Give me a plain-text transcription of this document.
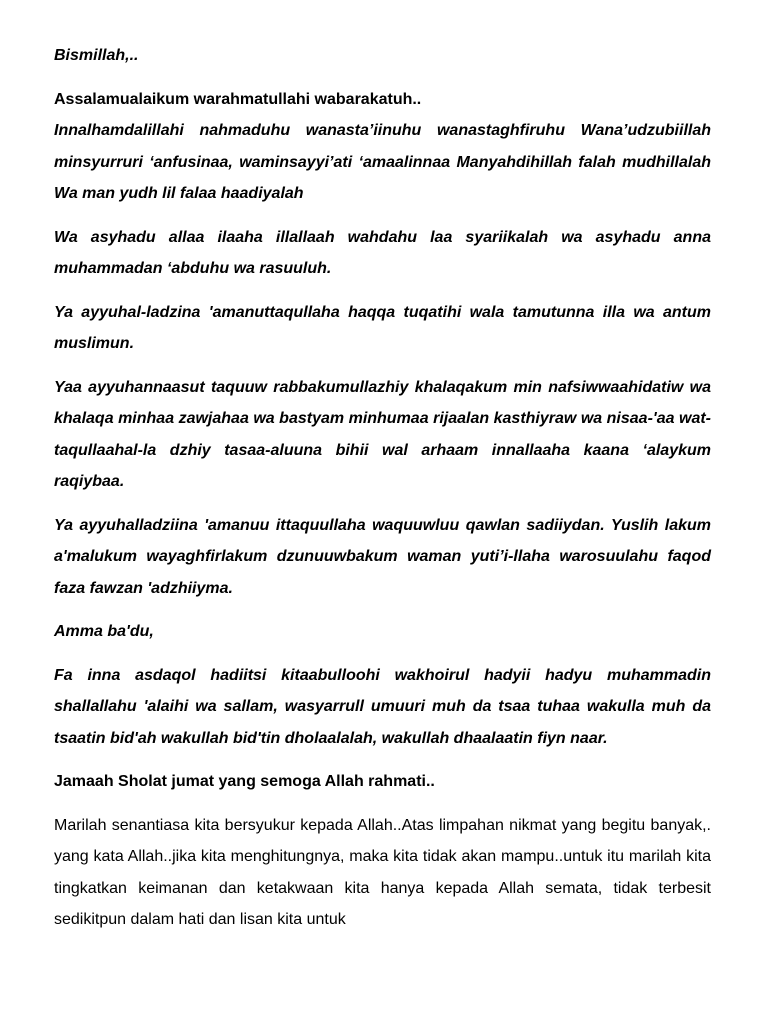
Bismillah,..

Assalamualaikum warahmatullahi wabarakatuh..

Innalhamdalillahi nahmaduhu wanasta’iinuhu wanastaghfiruhu Wana’udzubiillah minsyurruri ‘anfusinaa, waminsayyi’ati ‘amaalinnaa Manyahdihillah falah mudhillalah Wa man yudh lil falaa haadiyalah

Wa asyhadu allaa ilaaha illallaah wahdahu laa syariikalah wa asyhadu anna muhammadan ‘abduhu wa rasuuluh.

Ya ayyuhal-ladzina 'amanuttaqullaha haqqa tuqatihi wala tamutunna illa wa antum muslimun.

Yaa ayyuhannaasut taquuw rabbakumullazhiy khalaqakum min nafsiwwaahidatiw wa khalaqa minhaa zawjahaa wa bastyam minhumaa rijaalan kasthiyraw wa nisaa-'aa wat-taqullaahal-la dzhiy tasaa-aluuna bihii wal arhaam innallaaha kaana ‘alaykum raqiybaa.

Ya ayyuhalladziina 'amanuu ittaquullaha waquuwluu qawlan sadiiydan. Yuslih lakum a'malukum wayaghfirlakum dzunuuwbakum waman yuti’i-llaha warosuulahu faqod faza fawzan 'adzhiiyma.

Amma ba'du,

Fa inna asdaqol hadiitsi kitaabulloohi wakhoirul hadyii hadyu muhammadin shallallahu 'alaihi wa sallam, wasyarrull umuuri muh da tsaa tuhaa wakulla muh da tsaatin bid'ah wakullah bid'tin dholaalalah, wakullah dhaalaatin fiyn naar.

Jamaah Sholat jumat yang semoga Allah rahmati..

Marilah senantiasa kita bersyukur kepada Allah..Atas limpahan nikmat yang begitu banyak,. yang kata Allah..jika kita menghitungnya, maka kita tidak akan mampu..untuk itu marilah kita tingkatkan keimanan dan ketakwaan kita hanya kepada Allah semata, tidak terbesit sedikitpun dalam hati dan lisan kita untuk
